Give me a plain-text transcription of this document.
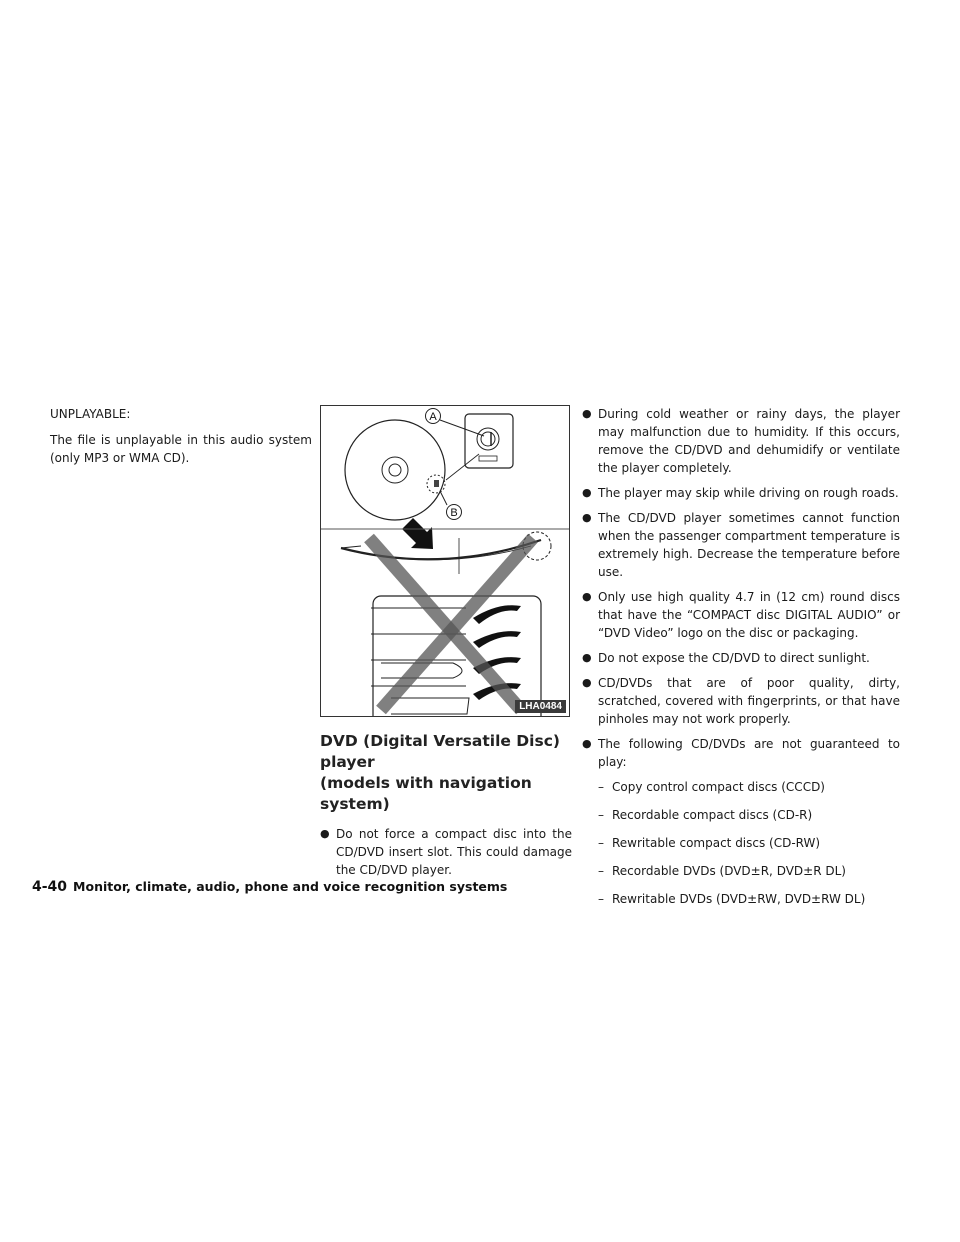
UNPLAYABLE:

The file is unplayable in this audio system (only MP3 or WMA CD).

A
B
LHA0484

DVD (Digital Versatile Disc) player
(models with navigation system)

● Do not force a compact disc into the CD/DVD insert slot. This could damage the CD/DVD player.

● During cold weather or rainy days, the player may malfunction due to humidity. If this occurs, remove the CD/DVD and dehumidify or ventilate the player completely.

● The player may skip while driving on rough roads.

● The CD/DVD player sometimes cannot function when the passenger compartment temperature is extremely high. Decrease the temperature before use.

● Only use high quality 4.7 in (12 cm) round discs that have the “COMPACT disc DIGITAL AUDIO” or “DVD Video” logo on the disc or packaging.

● Do not expose the CD/DVD to direct sunlight.

● CD/DVDs that are of poor quality, dirty, scratched, covered with fingerprints, or that have pinholes may not work properly.

● The following CD/DVDs are not guaranteed to play:

– Copy control compact discs (CCCD)

– Recordable compact discs (CD-R)

– Rewritable compact discs (CD-RW)

– Recordable DVDs (DVD±R, DVD±R DL)

– Rewritable DVDs (DVD±RW, DVD±RW DL)

4-40 Monitor, climate, audio, phone and voice recognition systems
